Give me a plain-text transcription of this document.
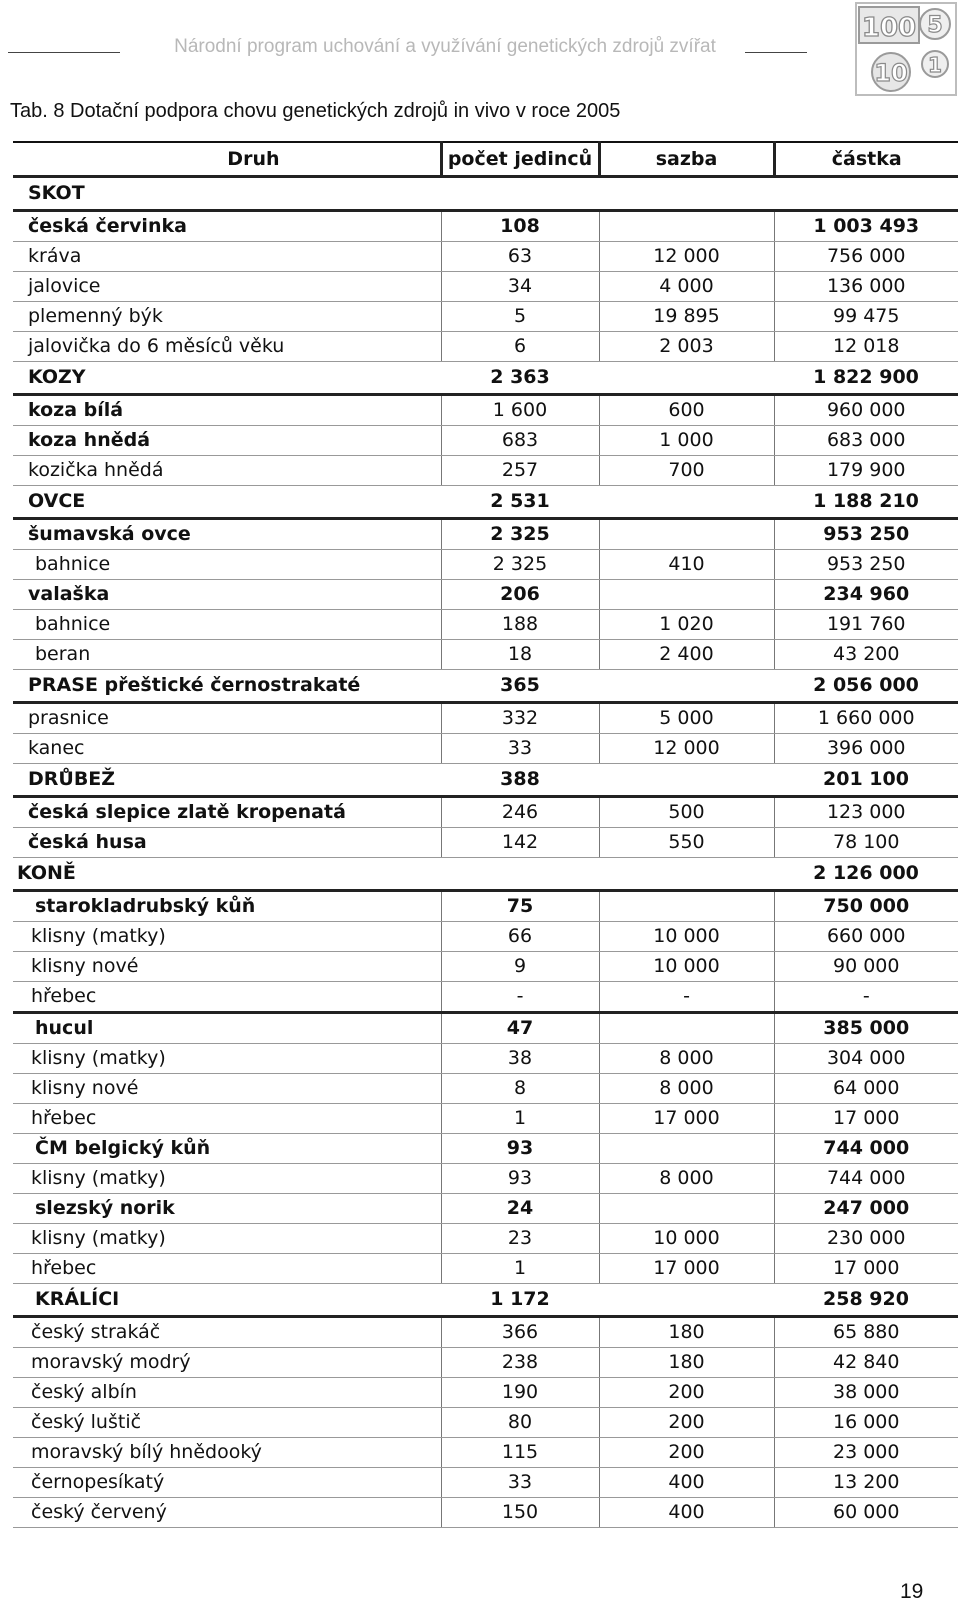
Národní program uchování a využívání genetických zdrojů zvířat
100 5
10 1
Tab. 8 Dotační podpora chovu genetických zdrojů in vivo v roce 2005
Druh	počet jedinců	sazba	částka
SKOT			
česká červinka	108		1 003 493
kráva	63	12 000	756 000
jalovice	34	4 000	136 000
plemenný býk	5	19 895	99 475
jalovička do 6 měsíců věku	6	2 003	12 018
KOZY	2 363		1 822 900
koza bílá	1 600	600	960 000
koza hnědá	683	1 000	683 000
kozička hnědá	257	700	179 900
OVCE	2 531		1 188 210
šumavská ovce	2 325		953 250
bahnice	2 325	410	953 250
valaška	206		234 960
bahnice	188	1 020	191 760
beran	18	2 400	43 200
PRASE přeštické černostrakaté	365		2 056 000
prasnice	332	5 000	1 660 000
kanec	33	12 000	396 000
DRŮBEŽ	388		201 100
česká slepice zlatě kropenatá	246	500	123 000
česká husa	142	550	78 100
KONĚ			2 126 000
starokladrubský kůň	75		750 000
klisny (matky)	66	10 000	660 000
klisny nové	9	10 000	90 000
hřebec	-	-	-
hucul	47		385 000
klisny (matky)	38	8 000	304 000
klisny nové	8	8 000	64 000
hřebec	1	17 000	17 000
ČM belgický kůň	93		744 000
klisny (matky)	93	8 000	744 000
slezský norik	24		247 000
klisny (matky)	23	10 000	230 000
hřebec	1	17 000	17 000
KRÁLÍCI	1 172		258 920
český strakáč	366	180	65 880
moravský modrý	238	180	42 840
český albín	190	200	38 000
český luštič	80	200	16 000
moravský bílý hnědooký	115	200	23 000
černopesíkatý	33	400	13 200
český červený	150	400	60 000
19
